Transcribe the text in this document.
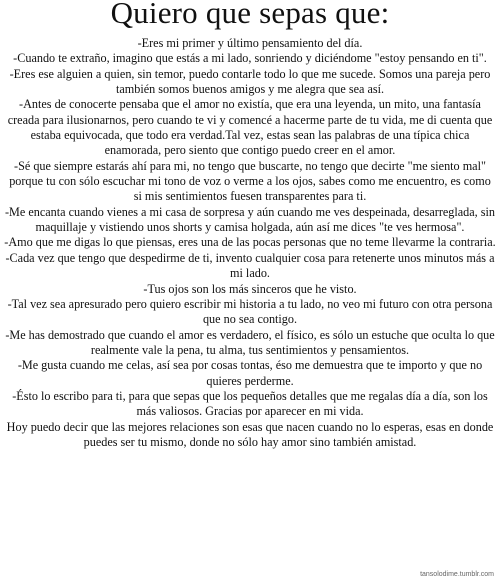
Quiero que sepas que:

-Eres mi primer y último pensamiento del día.

-Cuando te extraño, imagino que estás a mi lado, sonriendo y diciéndome "estoy pensando en ti".

-Eres ese alguien a quien, sin temor, puedo contarle todo lo que me sucede. Somos una pareja pero también somos buenos amigos y me alegra que sea así.

-Antes de conocerte pensaba que el amor no existía, que era una leyenda, un mito, una fantasía creada para ilusionarnos, pero cuando te vi y comencé a hacerme parte de tu vida, me di cuenta que estaba equivocada, que todo era verdad.Tal vez, estas sean las palabras de una típica chica enamorada, pero siento que contigo puedo creer en el amor.

-Sé que siempre estarás ahí para mi, no tengo que buscarte, no tengo que decirte "me siento mal" porque tu con sólo escuchar mi tono de voz o verme a los ojos, sabes como me encuentro, es como si mis sentimientos fuesen transparentes para ti.

-Me encanta cuando vienes a mi casa de sorpresa y aún cuando me ves despeinada, desarreglada, sin maquillaje y vistiendo unos shorts y camisa holgada, aún así me dices "te ves hermosa".

-Amo que me digas lo que piensas, eres una de las pocas personas que no teme llevarme la contraria.

-Cada vez que tengo que despedirme de ti, invento cualquier cosa para retenerte unos minutos más a mi lado.

-Tus ojos son los más sinceros que he visto.

-Tal vez sea apresurado pero quiero escribir mi historia a tu lado, no veo mi futuro con otra persona que no sea contigo.

-Me has demostrado que cuando el amor es verdadero, el físico, es sólo un estuche que oculta lo que realmente vale la pena, tu alma, tus sentimientos y pensamientos.

-Me gusta cuando me celas, así sea por cosas tontas, éso me demuestra que te importo y que no quieres perderme.

-Ésto lo escribo para ti, para que sepas que los pequeños detalles que me regalas día a día, son los más valiosos. Gracias por aparecer en mi vida.

Hoy puedo decir que las mejores relaciones son esas que nacen cuando no lo esperas, esas en donde puedes ser tu mismo, donde no sólo hay amor sino también amistad.

tansolodime.tumblr.com
